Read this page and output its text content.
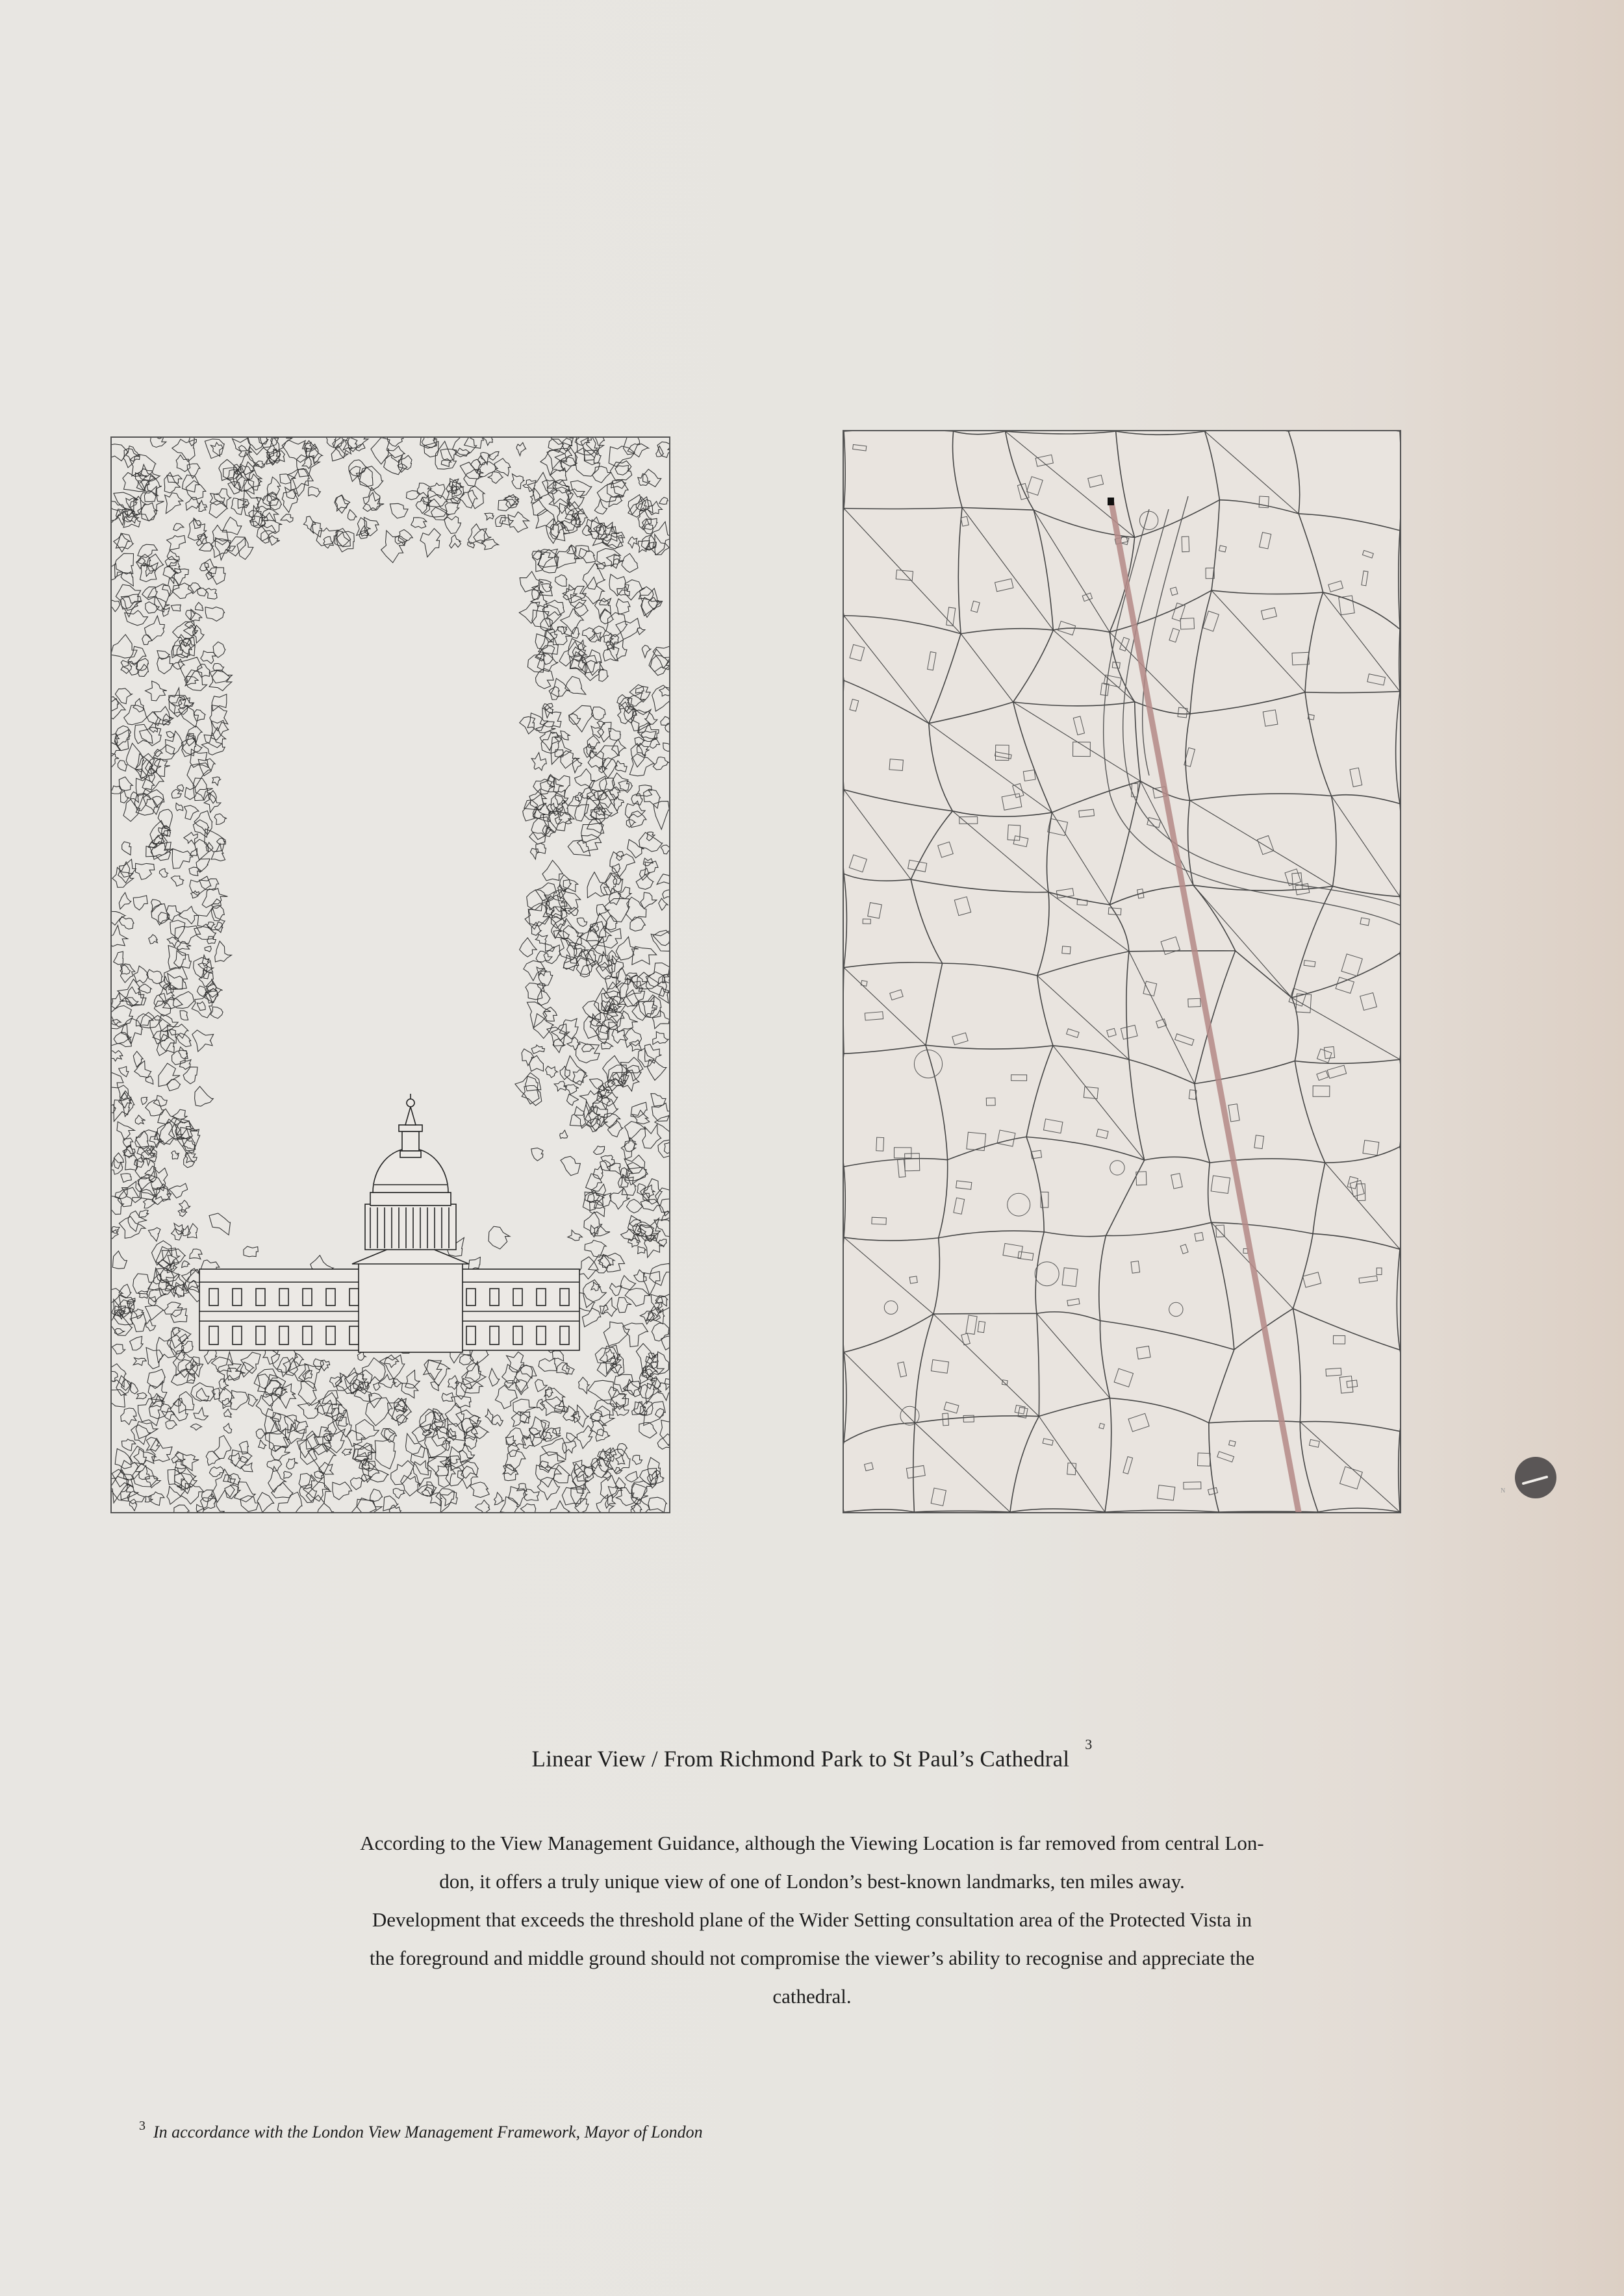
N
Linear View / From Richmond Park to St Paul’s Cathedral$^3$

According to the View Management Guidance, although the Viewing Location is far removed from central Lon-

don, it offers a truly unique view of one of London’s best-known landmarks, ten miles away.

Development that exceeds the threshold plane of the Wider Setting consultation area of the Protected Vista in

the foreground and middle ground should not compromise the viewer’s ability to recognise and appreciate the

cathedral.

$^3$ In accordance with the London View Management Framework, Mayor of London
